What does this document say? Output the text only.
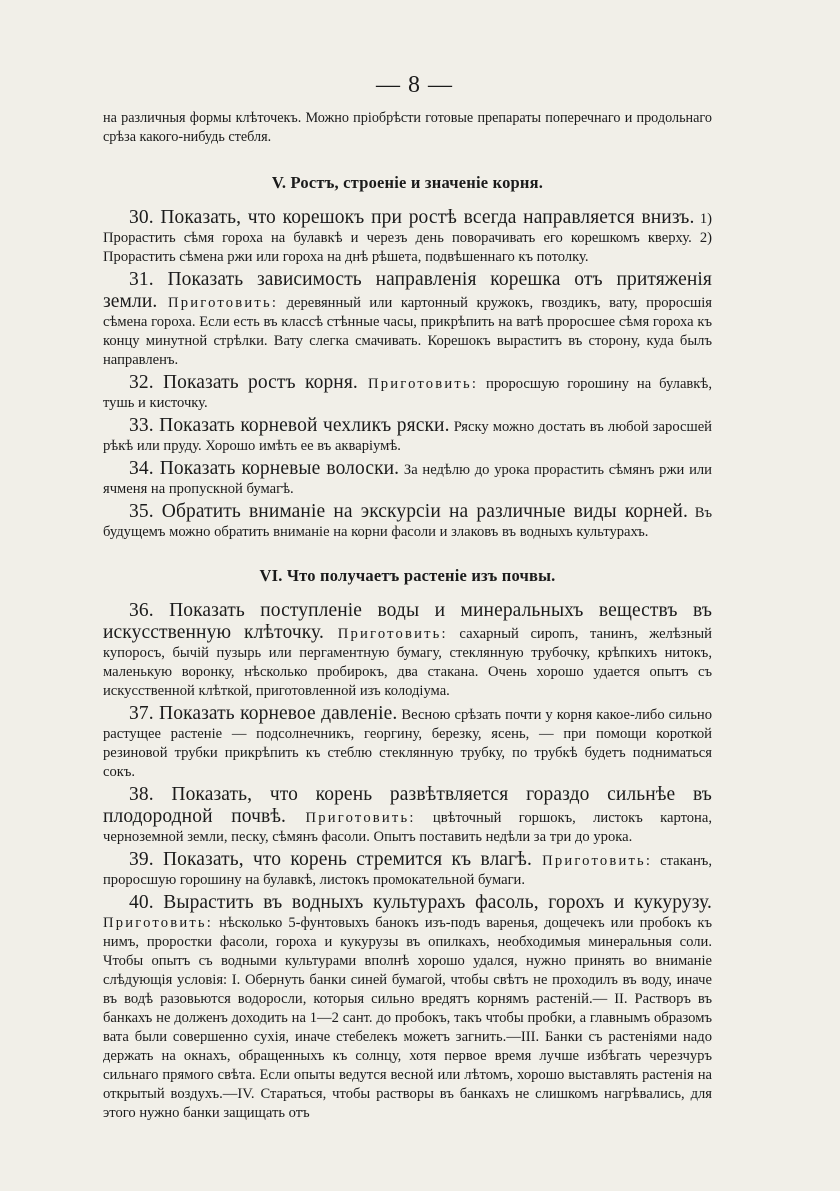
— 8 —

на различныя формы клѣточекъ. Можно пріобрѣсти готовые препараты поперечнаго и продольнаго срѣза какого-нибудь стебля.

V. Ростъ, строеніе и значеніе корня.

30. Показать, что корешокъ при ростѣ всегда направляется внизъ. 1) Прорастить сѣмя гороха на булавкѣ и черезъ день поворачивать его корешкомъ кверху. 2) Прорастить сѣмена ржи или гороха на днѣ рѣшета, подвѣшеннаго къ потолку.

31. Показать зависимость направленія корешка отъ притяженія земли. Приготовить: деревянный или картонный кружокъ, гвоздикъ, вату, проросшія сѣмена гороха. Если есть въ классѣ стѣнные часы, прикрѣпить на ватѣ проросшее сѣмя гороха къ концу минутной стрѣлки. Вату слегка смачивать. Корешокъ выраститъ въ сторону, куда былъ направленъ.

32. Показать ростъ корня. Приготовить: проросшую горошину на булавкѣ, тушь и кисточку.

33. Показать корневой чехликъ ряски. Ряску можно достать въ любой заросшей рѣкѣ или пруду. Хорошо имѣть ее въ акваріумѣ.

34. Показать корневые волоски. За недѣлю до урока прорастить сѣмянъ ржи или ячменя на пропускной бумагѣ.

35. Обратить вниманіе на экскурсіи на различные виды корней. Въ будущемъ можно обратить вниманіе на корни фасоли и злаковъ въ водныхъ культурахъ.

VI. Что получаетъ растеніе изъ почвы.

36. Показать поступленіе воды и минеральныхъ веществъ въ искусственную клѣточку. Приготовить: сахарный сиропъ, танинъ, желѣзный купоросъ, бычій пузырь или пергаментную бумагу, стеклянную трубочку, крѣпкихъ нитокъ, маленькую воронку, нѣсколько пробирокъ, два стакана. Очень хорошо удается опытъ съ искусственной клѣткой, приготовленной изъ колодіума.

37. Показать корневое давленіе. Весною срѣзать почти у корня какое-либо сильно растущее растеніе — подсолнечникъ, георгину, березку, ясень, — при помощи короткой резиновой трубки прикрѣпить къ стеблю стеклянную трубку, по трубкѣ будетъ подниматься сокъ.

38. Показать, что корень развѣтвляется гораздо сильнѣе въ плодородной почвѣ. Приготовить: цвѣточный горшокъ, листокъ картона, черноземной земли, песку, сѣмянъ фасоли. Опытъ поставить недѣли за три до урока.

39. Показать, что корень стремится къ влагѣ. Приготовить: стаканъ, проросшую горошину на булавкѣ, листокъ промокательной бумаги.

40. Вырастить въ водныхъ культурахъ фасоль, горохъ и кукурузу. Приготовить: нѣсколько 5-фунтовыхъ банокъ изъ-подъ варенья, дощечекъ или пробокъ къ нимъ, проростки фасоли, гороха и кукурузы въ опилкахъ, необходимыя минеральныя соли. Чтобы опытъ съ водными культурами вполнѣ хорошо удался, нужно принять во вниманіе слѣдующія условія: I. Обернуть банки синей бумагой, чтобы свѣтъ не проходилъ въ воду, иначе въ водѣ разовьются водоросли, которыя сильно вредятъ корнямъ растеній.— II. Растворъ въ банкахъ не долженъ доходить на 1—2 сант. до пробокъ, такъ чтобы пробки, а главнымъ образомъ вата были совершенно сухія, иначе стебелекъ можетъ загнить.—III. Банки съ растеніями надо держать на окнахъ, обращенныхъ къ солнцу, хотя первое время лучше избѣгать черезчуръ сильнаго прямого свѣта. Если опыты ведутся весной или лѣтомъ, хорошо выставлять растенія на открытый воздухъ.—IV. Стараться, чтобы растворы въ банкахъ не слишкомъ нагрѣвались, для этого нужно банки защищать отъ
